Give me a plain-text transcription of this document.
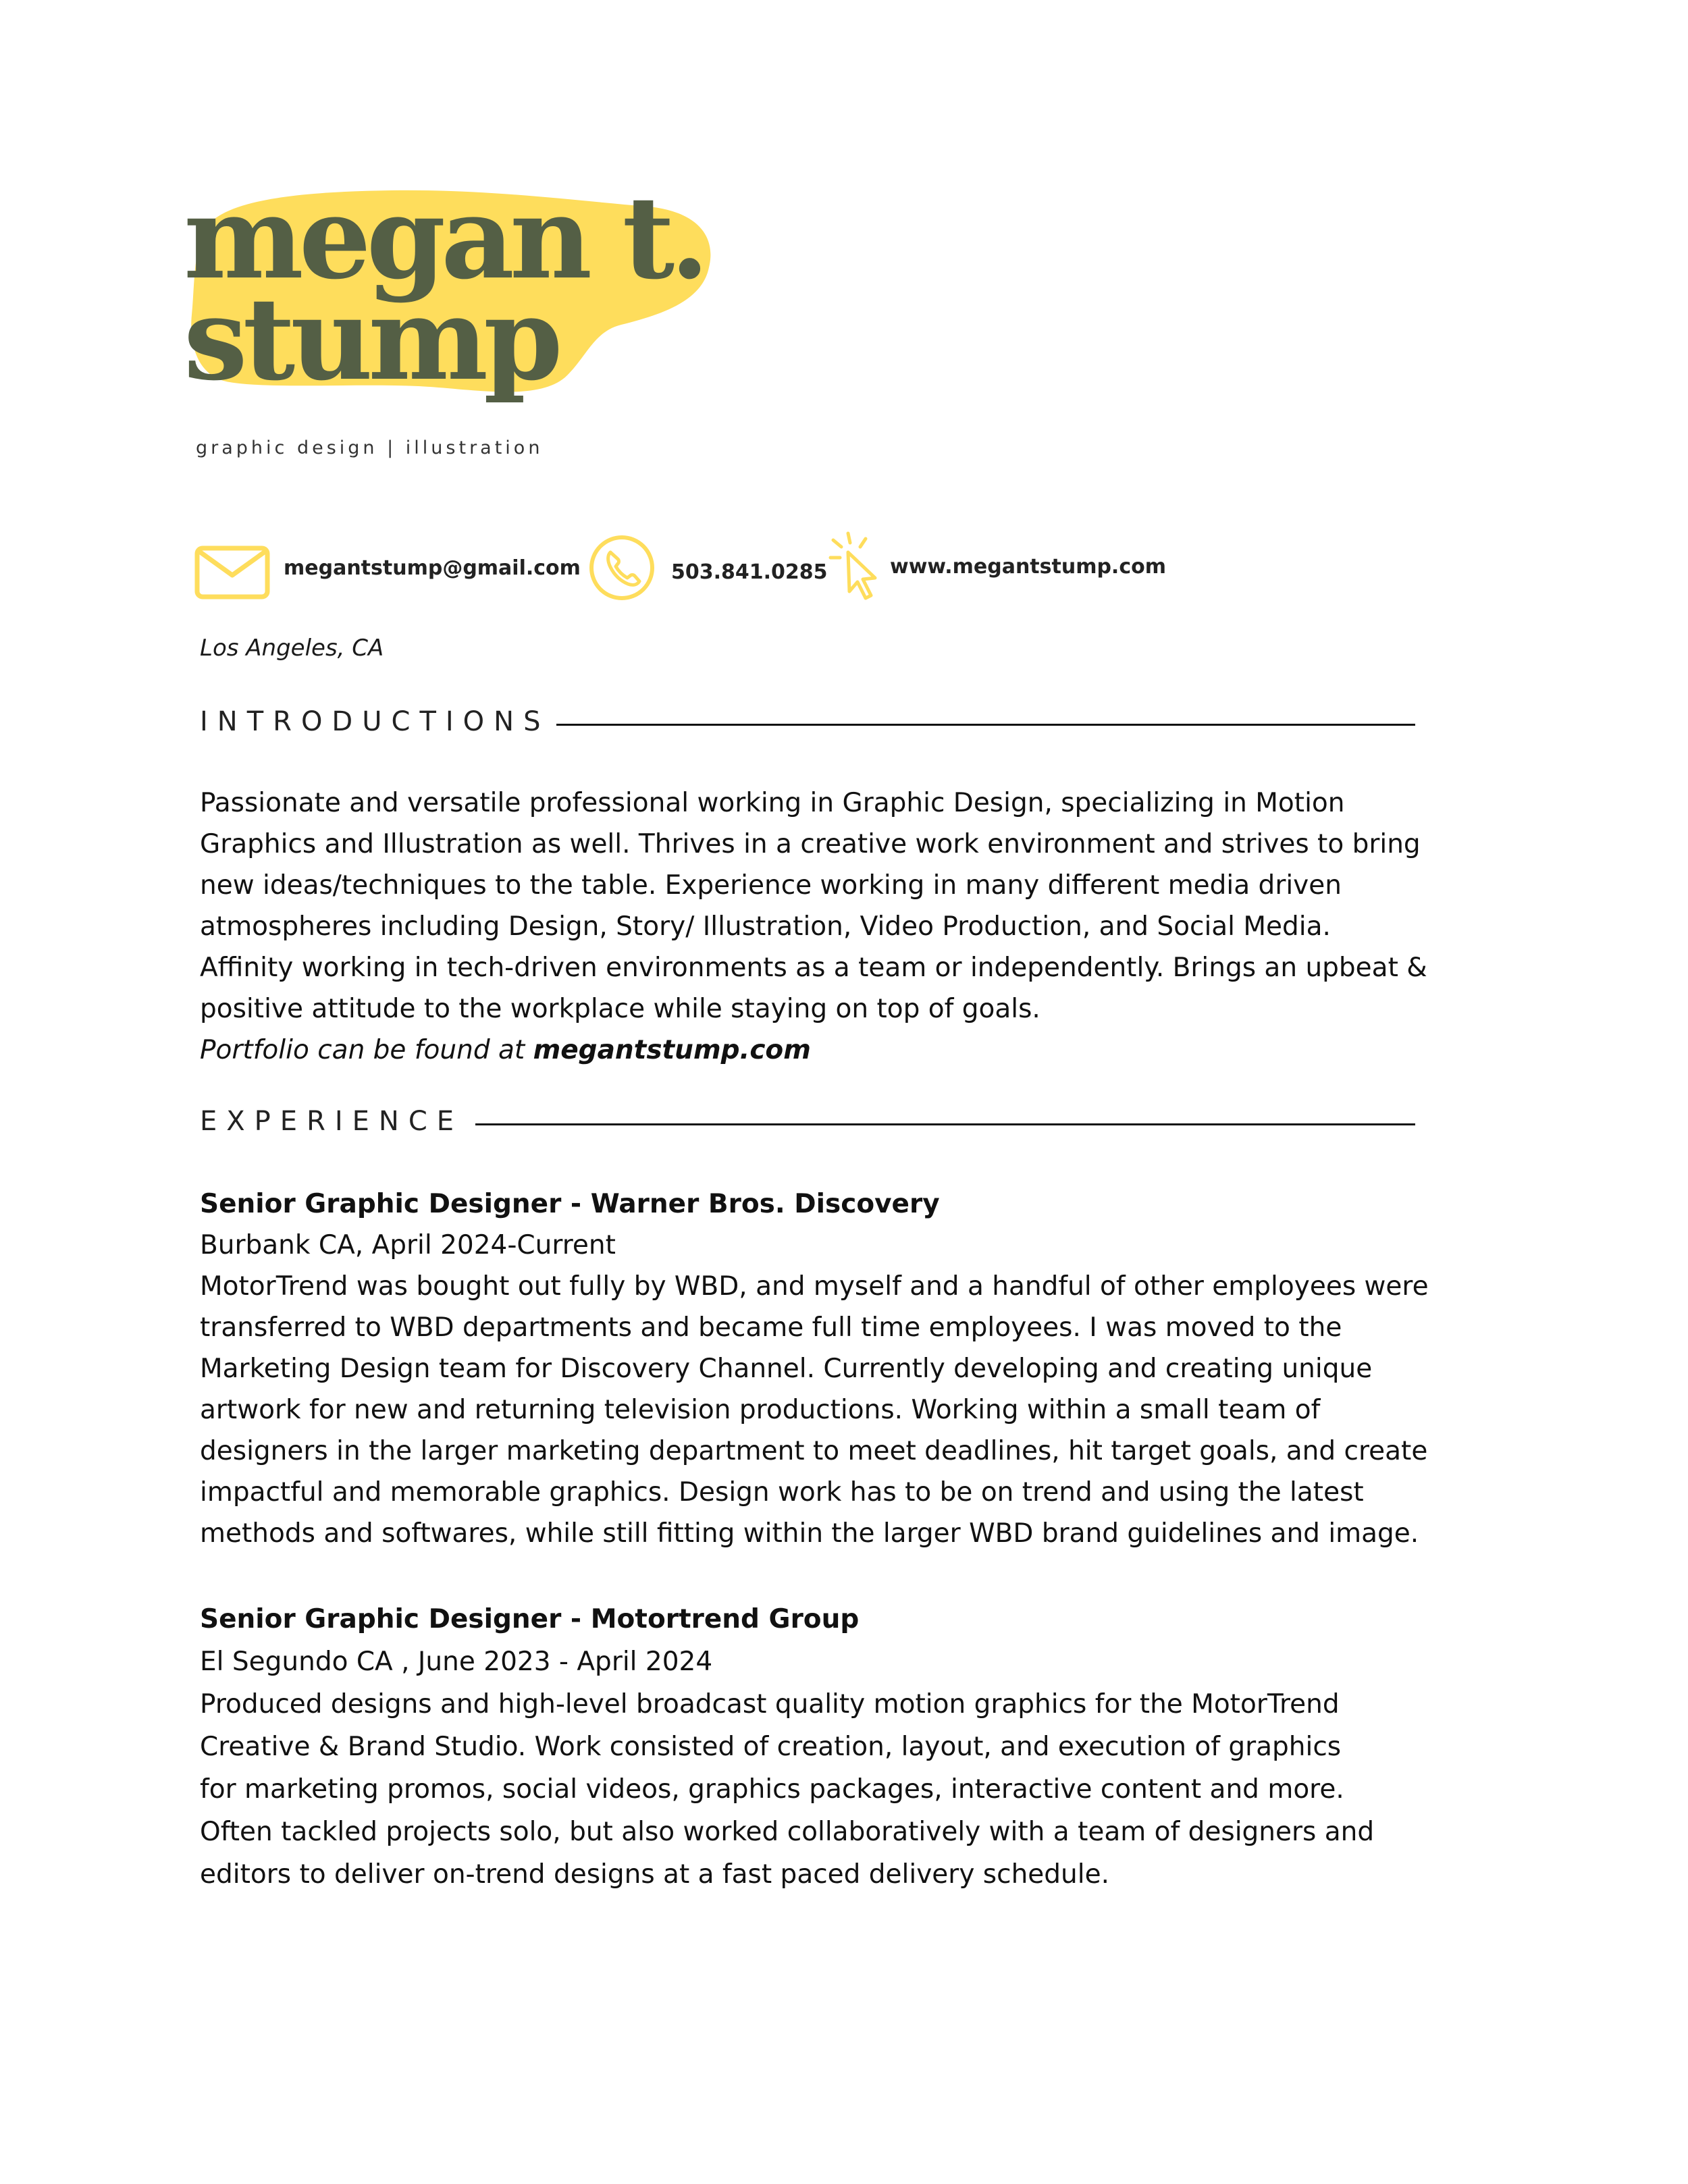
megan t.
stump
graphic design | illustration
megantstump@gmail.com	503.841.0285	www.megantstump.com
Los Angeles, CA
INTRODUCTIONS
Passionate and versatile professional working in Graphic Design, specializing in Motion
Graphics and Illustration as well. Thrives in a creative work environment and strives to bring
new ideas/techniques to the table. Experience working in many different media driven
atmospheres including Design, Story/ Illustration, Video Production, and Social Media.
Affinity working in tech-driven environments as a team or independently. Brings an upbeat &
positive attitude to the workplace while staying on top of goals.
Portfolio can be found at megantstump.com
EXPERIENCE
Senior Graphic Designer - Warner Bros. Discovery
Burbank CA, April 2024-Current
MotorTrend was bought out fully by WBD, and myself and a handful of other employees were
transferred to WBD departments and became full time employees. I was moved to the
Marketing Design team for Discovery Channel. Currently developing and creating unique
artwork for new and returning television productions. Working within a small team of
designers in the larger marketing department to meet deadlines, hit target goals, and create
impactful and memorable graphics. Design work has to be on trend and using the latest
methods and softwares, while still fitting within the larger WBD brand guidelines and image.
Senior Graphic Designer - Motortrend Group
El Segundo CA , June 2023 - April 2024
Produced designs and high-level broadcast quality motion graphics for the MotorTrend
Creative & Brand Studio. Work consisted of creation, layout, and execution of graphics
for marketing promos, social videos, graphics packages, interactive content and more.
Often tackled projects solo, but also worked collaboratively with a team of designers and
editors to deliver on-trend designs at a fast paced delivery schedule.
